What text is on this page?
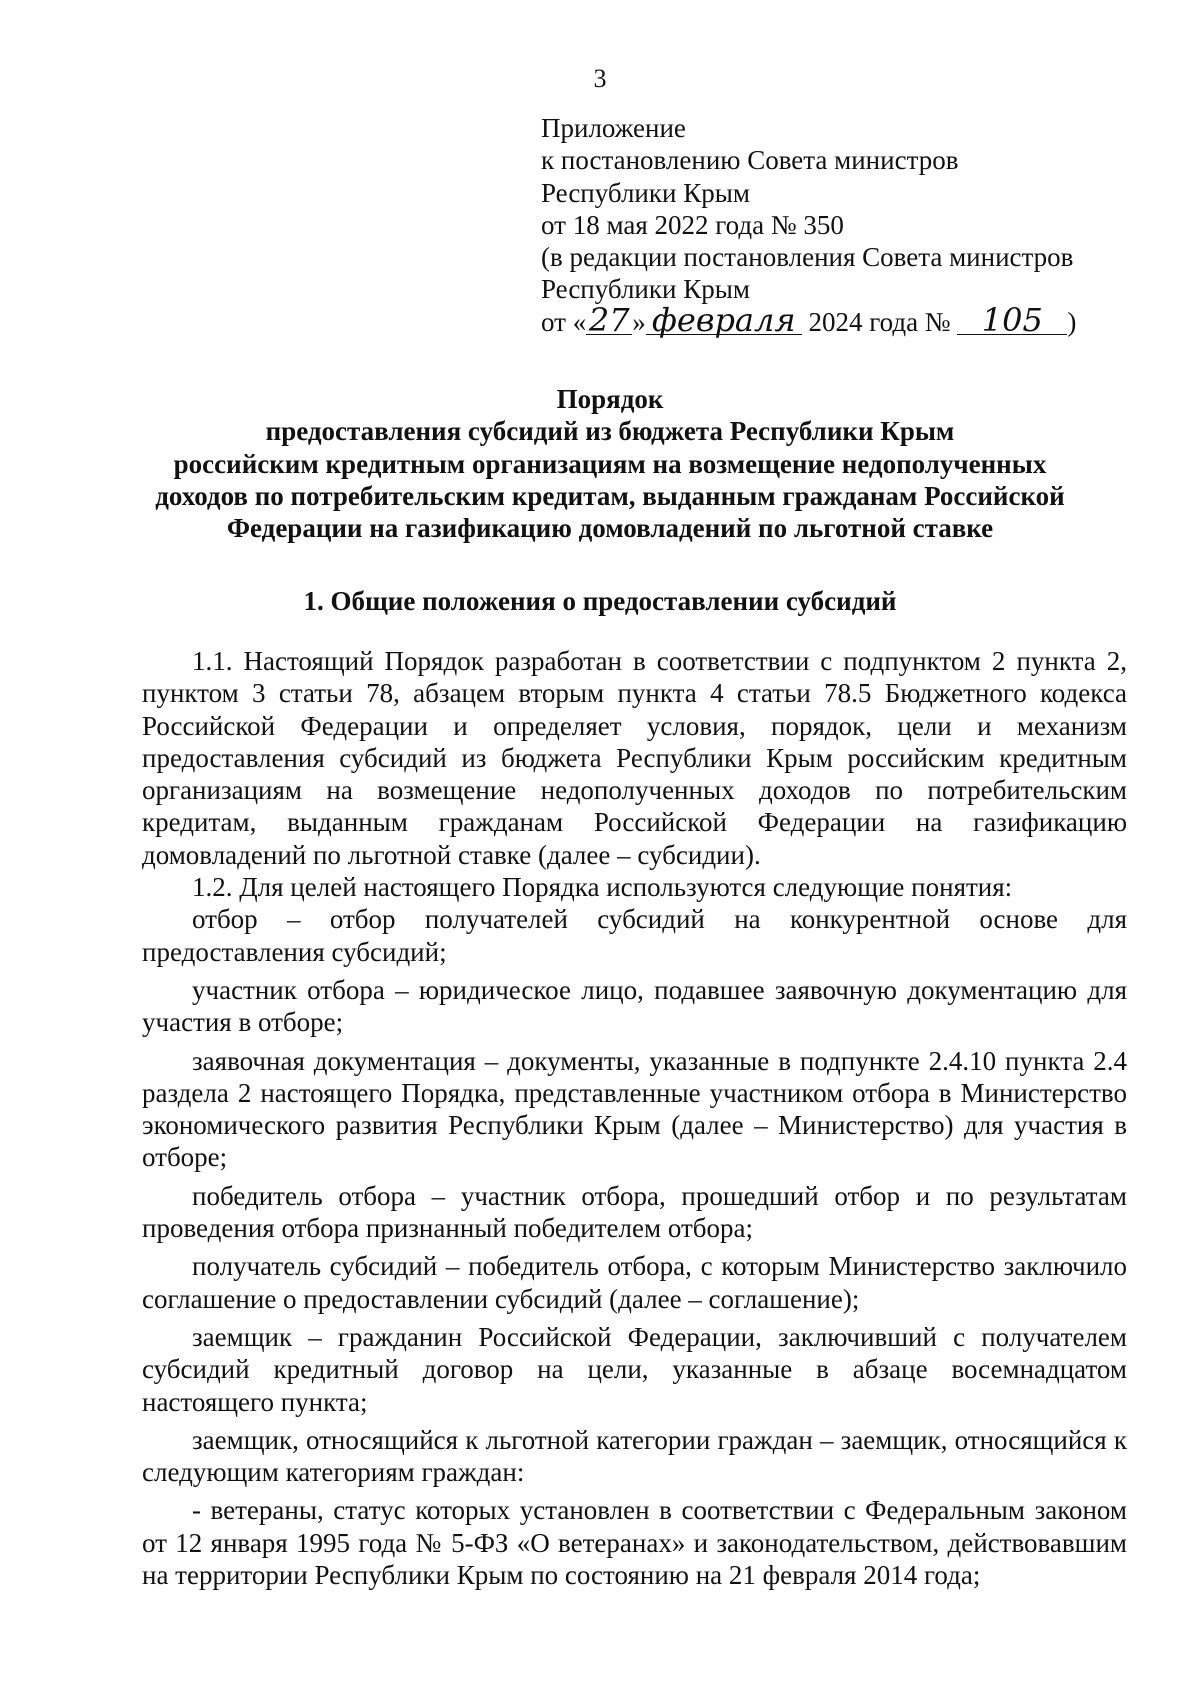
3
Приложение
к постановлению Совета министров
Республики Крым
от 18 мая 2022 года № 350
(в редакции постановления Совета министров
Республики Крым
от «27» февраля 2024 года № 105 )
Порядок
предоставления субсидий из бюджета Республики Крым
российским кредитным организациям на возмещение недополученных
доходов по потребительским кредитам, выданным гражданам Российской
Федерации на газификацию домовладений по льготной ставке
1. Общие положения о предоставлении субсидий

1.1. Настоящий Порядок разработан в соответствии с подпунктом 2 пункта 2, пунктом 3 статьи 78, абзацем вторым пункта 4 статьи 78.5 Бюджетного кодекса Российской Федерации и определяет условия, порядок, цели и механизм предоставления субсидий из бюджета Республики Крым российским кредитным организациям на возмещение недополученных доходов по потребительским кредитам, выданным гражданам Российской Федерации на газификацию домовладений по льготной ставке (далее – субсидии).

1.2. Для целей настоящего Порядка используются следующие понятия:

отбор – отбор получателей субсидий на конкурентной основе для предоставления субсидий;

участник отбора – юридическое лицо, подавшее заявочную документацию для участия в отборе;

заявочная документация – документы, указанные в подпункте 2.4.10 пункта 2.4 раздела 2 настоящего Порядка, представленные участником отбора в Министерство экономического развития Республики Крым (далее – Министерство) для участия в отборе;

победитель отбора – участник отбора, прошедший отбор и по результатам проведения отбора признанный победителем отбора;

получатель субсидий – победитель отбора, с которым Министерство заключило соглашение о предоставлении субсидий (далее – соглашение);

заемщик – гражданин Российской Федерации, заключивший с получателем субсидий кредитный договор на цели, указанные в абзаце восемнадцатом настоящего пункта;

заемщик, относящийся к льготной категории граждан – заемщик, относящийся к следующим категориям граждан:

- ветераны, статус которых установлен в соответствии с Федеральным законом от 12 января 1995 года № 5-ФЗ «О ветеранах» и законодательством, действовавшим на территории Республики Крым по состоянию на 21 февраля 2014 года;
